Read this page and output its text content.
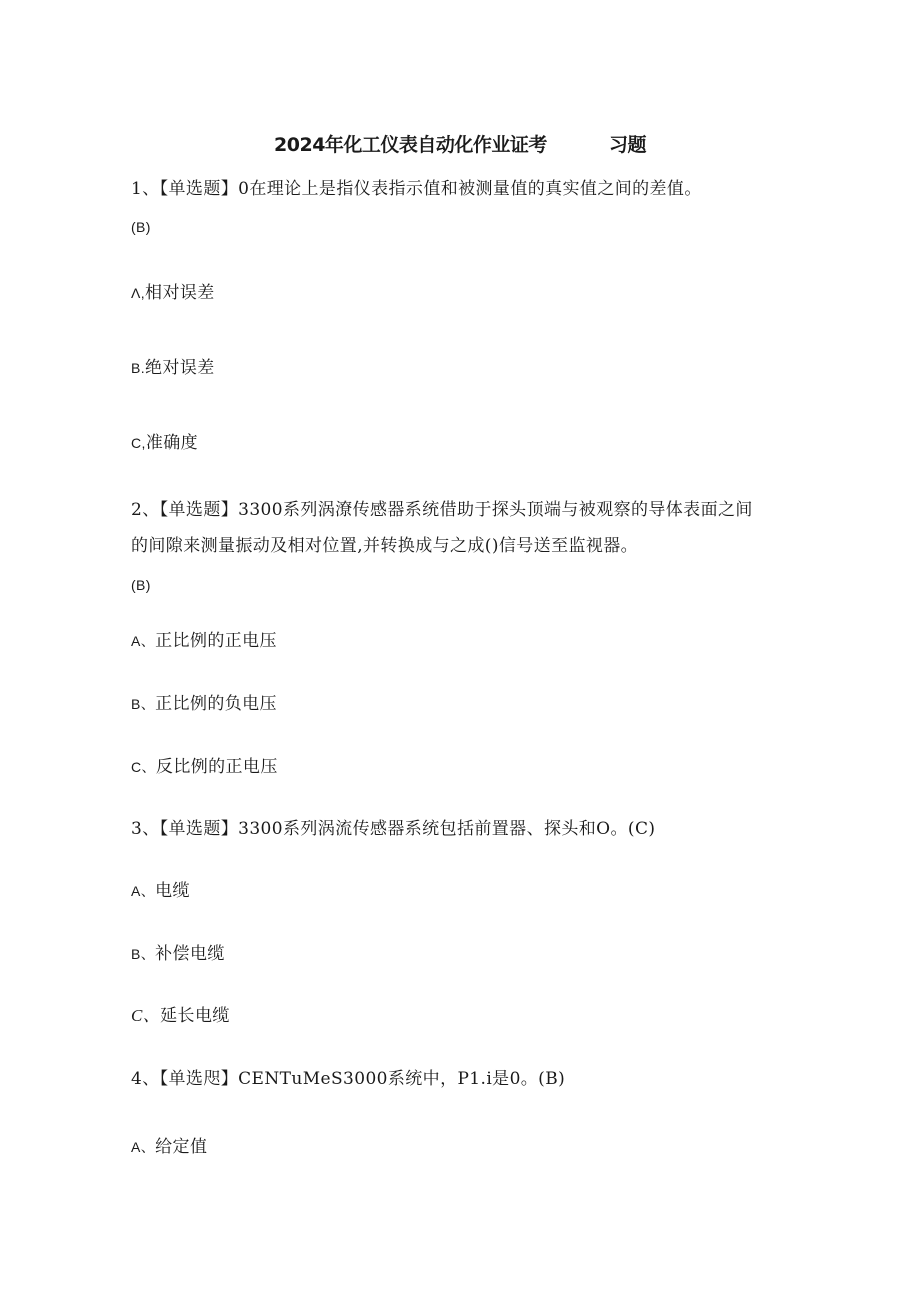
2024年化工仪表自动化作业证考	习题
1、【单选题】0在理论上是指仪表指示值和被测量值的真实值之间的差值。
(B)
Λ,相对误差
B.绝对误差
C,准确度
2、【单选题】3300系列涡潦传感器系统借助于探头顶端与被观察的导体表面之间
的间隙来测量振动及相对位置,并转换成与之成()信号送至监视器。
(B)
A、正比例的正电压
B、正比例的负电压
C、反比例的正电压
3、【单选题】3300系列涡流传感器系统包括前置器、探头和O。(C)
A、电缆
B、补偿电缆
C、延长电缆
4、【单选咫】CENTuMeS3000系统中，P1.i是0。(B)
A、给定值
